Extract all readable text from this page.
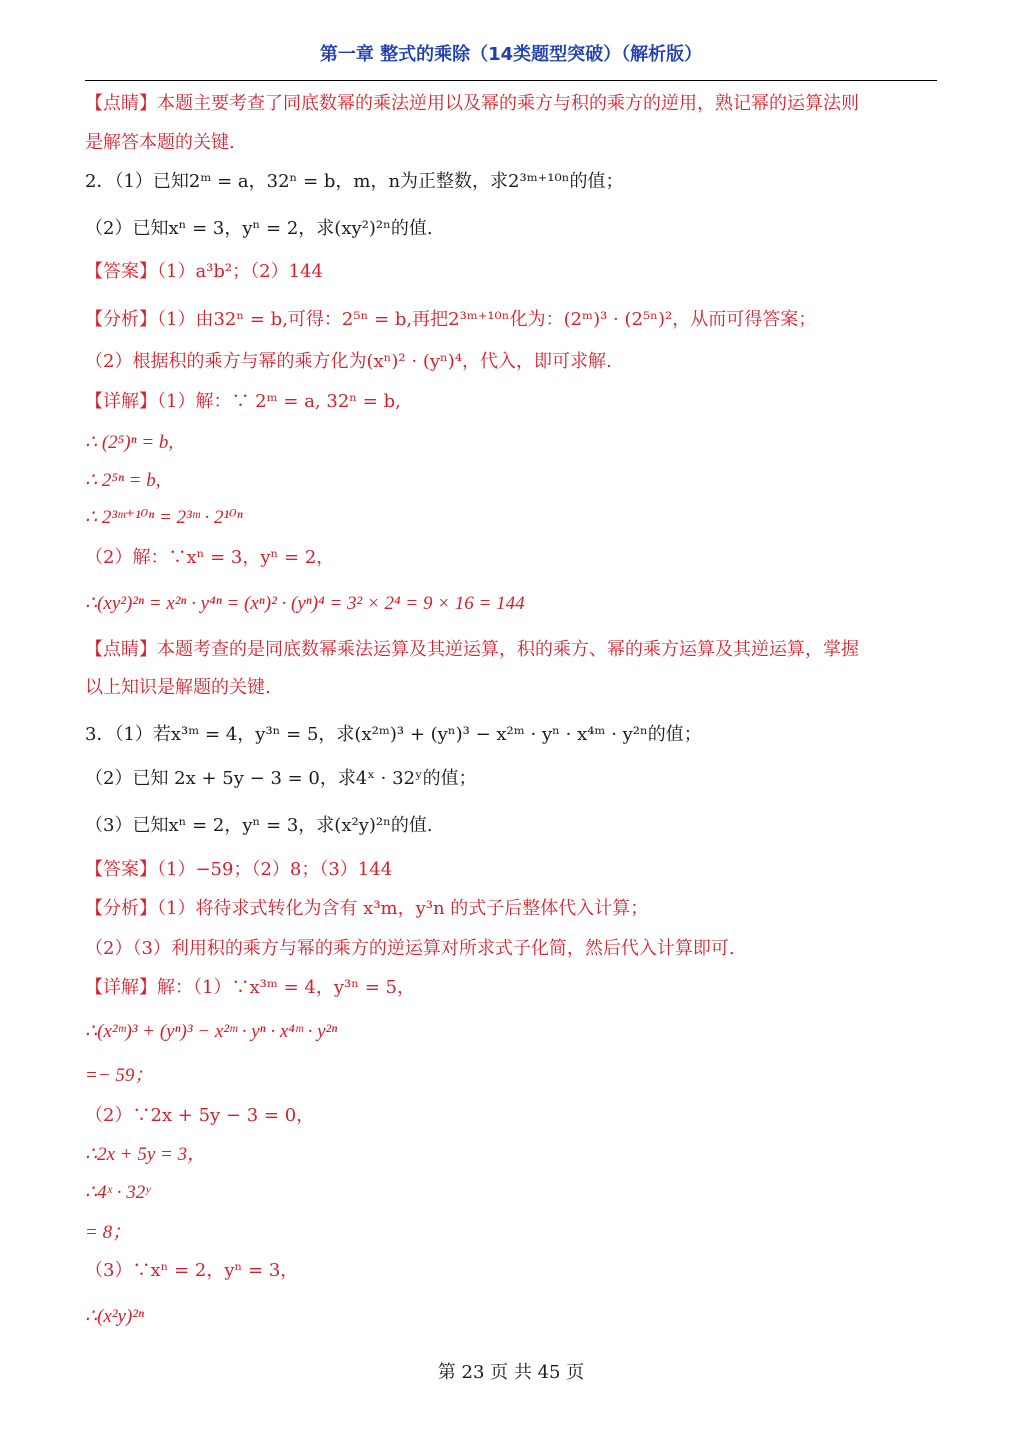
第一章 整式的乘除（14类题型突破）（解析版）
【点睛】本题主要考查了同底数幂的乘法逆用以及幂的乘方与积的乘方的逆用，熟记幂的运算法则
是解答本题的关键.
2．（1）已知2ᵐ = a，32ⁿ = b，m，n为正整数，求2³ᵐ⁺¹⁰ⁿ的值；
（2）已知xⁿ = 3，yⁿ = 2，求(xy²)²ⁿ的值.
【答案】（1）a³b²；（2）144
【分析】（1）由32ⁿ = b,可得：2⁵ⁿ = b,再把2³ᵐ⁺¹⁰ⁿ化为：(2ᵐ)³ · (2⁵ⁿ)²，从而可得答案；
（2）根据积的乘方与幂的乘方化为(xⁿ)² · (yⁿ)⁴，代入，即可求解.
【详解】（1）解：∵ 2ᵐ = a, 32ⁿ = b,
∴ (2⁵)ⁿ = b,
∴ 2⁵ⁿ = b,
∴ 2³ᵐ⁺¹⁰ⁿ = 2³ᵐ · 2¹⁰ⁿ
（2）解：∵xⁿ = 3，yⁿ = 2，
∴(xy²)²ⁿ = x²ⁿ · y⁴ⁿ = (xⁿ)² · (yⁿ)⁴ = 3² × 2⁴ = 9 × 16 = 144
【点睛】本题考查的是同底数幂乘法运算及其逆运算，积的乘方、幂的乘方运算及其逆运算，掌握
以上知识是解题的关键.
3．（1）若x³ᵐ = 4，y³ⁿ = 5，求(x²ᵐ)³ + (yⁿ)³ − x²ᵐ · yⁿ · x⁴ᵐ · y²ⁿ的值；
（2）已知 2x + 5y − 3 = 0，求4ˣ · 32ʸ的值；
（3）已知xⁿ = 2，yⁿ = 3，求(x²y)²ⁿ的值.
【答案】（1）−59；（2）8；（3）144
【分析】（1）将待求式转化为含有 x³m，y³n 的式子后整体代入计算；
（2）（3）利用积的乘方与幂的乘方的逆运算对所求式子化简，然后代入计算即可.
【详解】解：（1）∵x³ᵐ = 4，y³ⁿ = 5，
∴(x²ᵐ)³ + (yⁿ)³ − x²ᵐ · yⁿ · x⁴ᵐ · y²ⁿ
=− 59；
（2）∵2x + 5y − 3 = 0，
∴2x + 5y = 3，
∴4ˣ · 32ʸ
= 8；
（3）∵xⁿ = 2，yⁿ = 3，
∴(x²y)²ⁿ
第 23 页 共 45 页
